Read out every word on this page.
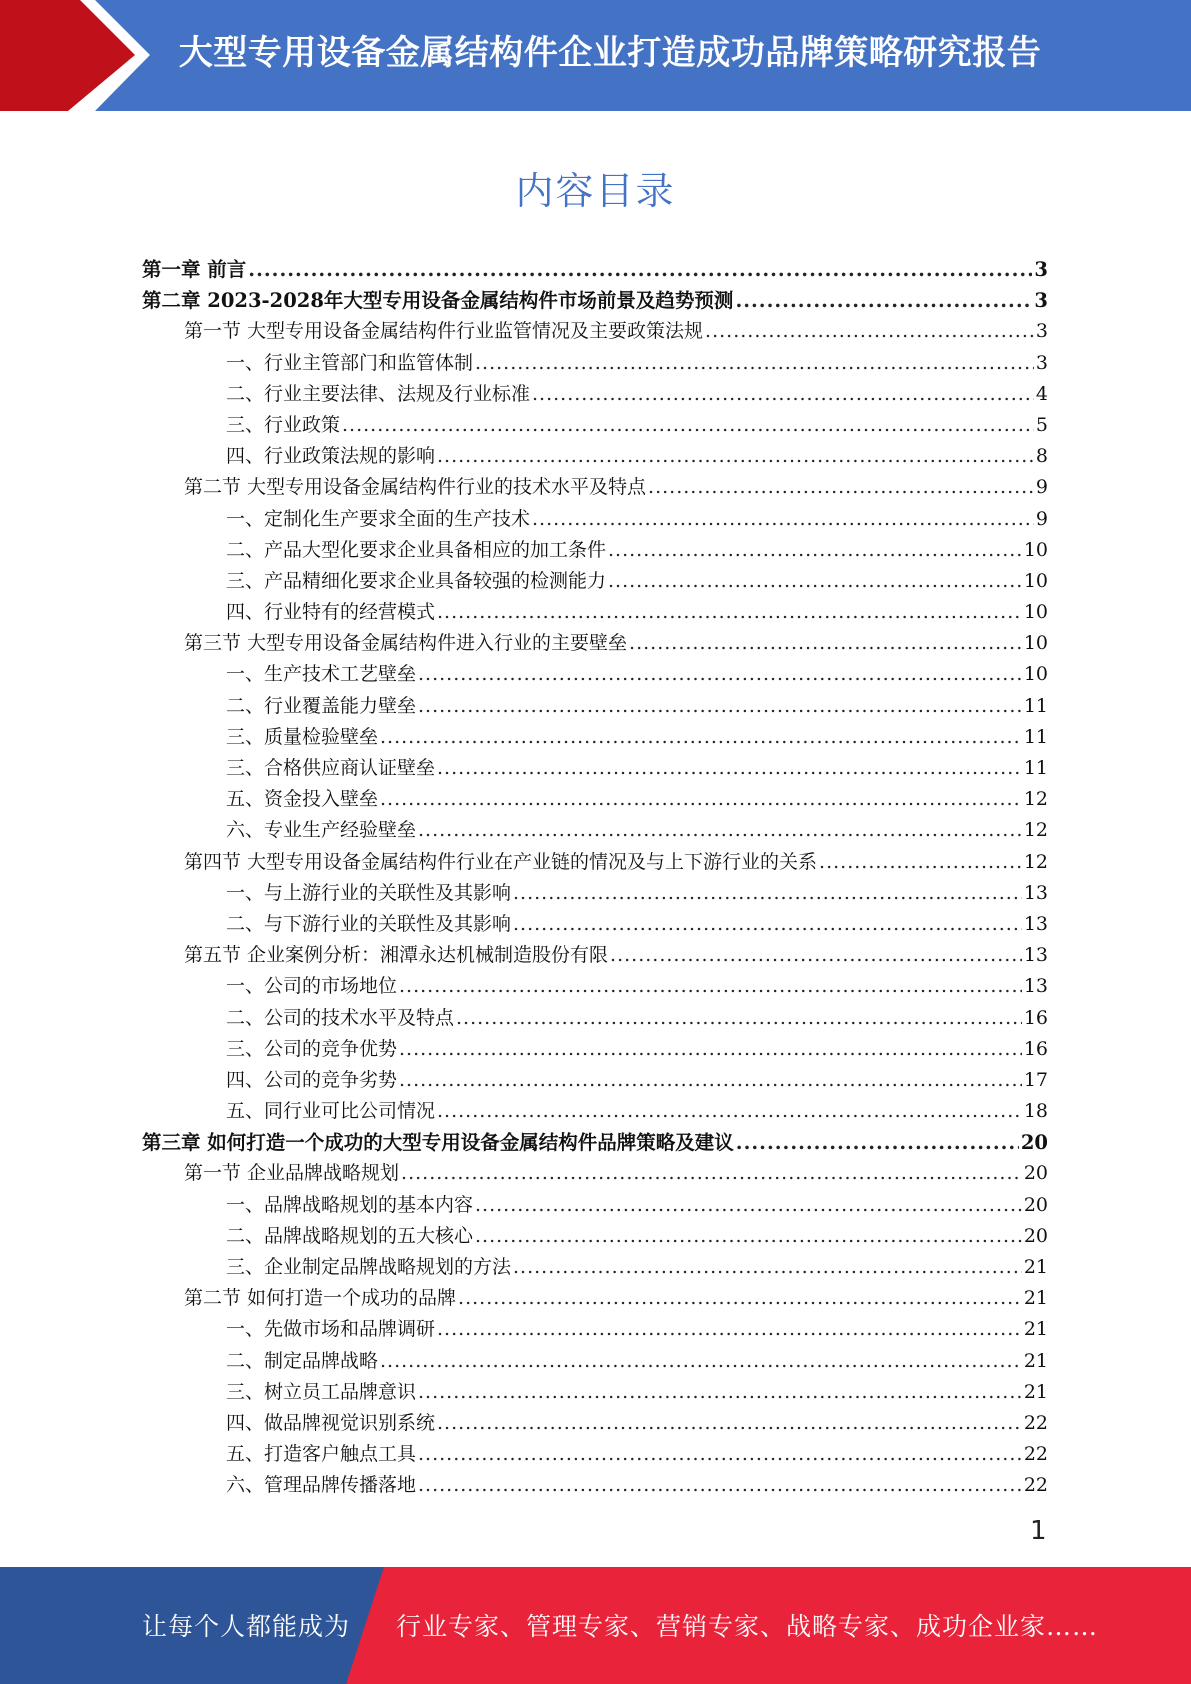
大型专用设备金属结构件企业打造成功品牌策略研究报告
内容目录
第一章 前言 .....	3
第二章 2023-2028年大型专用设备金属结构件市场前景及趋势预测 .....	3
第一节 大型专用设备金属结构件行业监管情况及主要政策法规 .....	3
一、行业主管部门和监管体制 .....	3
二、行业主要法律、法规及行业标准 .....	4
三、行业政策 .....	5
四、行业政策法规的影响 .....	8
第二节 大型专用设备金属结构件行业的技术水平及特点 .....	9
一、定制化生产要求全面的生产技术 .....	9
二、产品大型化要求企业具备相应的加工条件 .....	10
三、产品精细化要求企业具备较强的检测能力 .....	10
四、行业特有的经营模式 .....	10
第三节 大型专用设备金属结构件进入行业的主要壁垒 .....	10
一、生产技术工艺壁垒 .....	10
二、行业覆盖能力壁垒 .....	11
三、质量检验壁垒 .....	11
三、合格供应商认证壁垒 .....	11
五、资金投入壁垒 .....	12
六、专业生产经验壁垒 .....	12
第四节 大型专用设备金属结构件行业在产业链的情况及与上下游行业的关系 .....	12
一、与上游行业的关联性及其影响 .....	13
二、与下游行业的关联性及其影响 .....	13
第五节 企业案例分析：湘潭永达机械制造股份有限 .....	13
一、公司的市场地位 .....	13
二、公司的技术水平及特点 .....	16
三、公司的竞争优势 .....	16
四、公司的竞争劣势 .....	17
五、同行业可比公司情况 .....	18
第三章 如何打造一个成功的大型专用设备金属结构件品牌策略及建议 .....	20
第一节 企业品牌战略规划 .....	20
一、品牌战略规划的基本内容 .....	20
二、品牌战略规划的五大核心 .....	20
三、企业制定品牌战略规划的方法 .....	21
第二节 如何打造一个成功的品牌 .....	21
一、先做市场和品牌调研 .....	21
二、制定品牌战略 .....	21
三、树立员工品牌意识 .....	21
四、做品牌视觉识别系统 .....	22
五、打造客户触点工具 .....	22
六、管理品牌传播落地 .....	22
1
让每个人都能成为 行业专家、管理专家、营销专家、战略专家、成功企业家……
